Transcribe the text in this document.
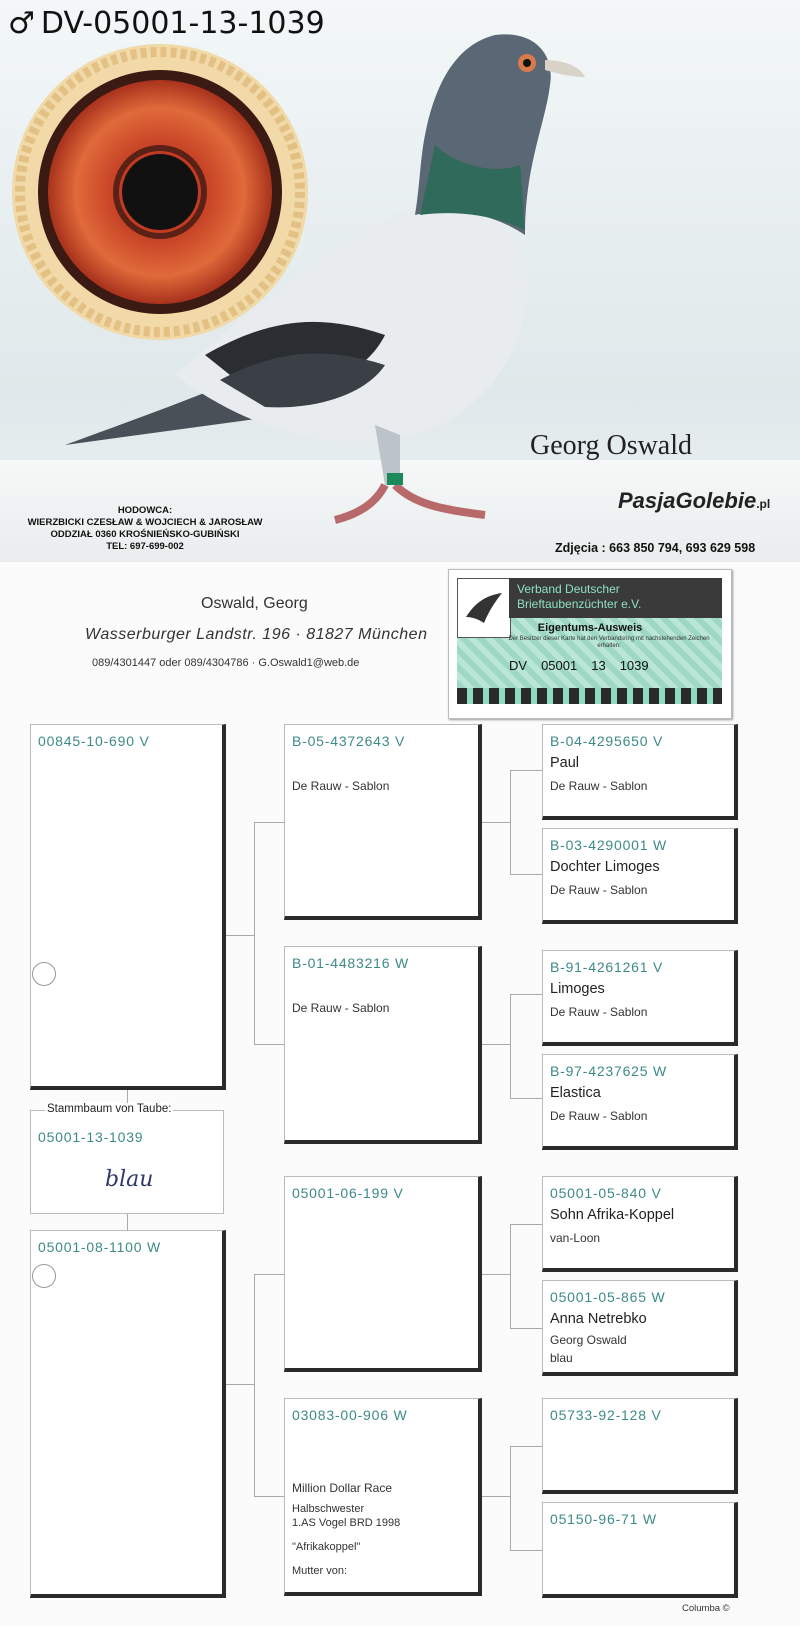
♂ DV-05001-13-1039
Georg Oswald
HODOWCA:
WIERZBICKI CZESŁAW & WOJCIECH & JAROSŁAW
ODDZIAŁ 0360 KROŚNIEŃSKO-GUBIŃSKI
TEL: 697-699-002
PasjaGolebie.pl
Zdjęcia : 663 850 794, 693 629 598
Oswald, Georg
Wasserburger Landstr. 196 · 81827 München
089/4301447 oder 089/4304786 · G.Oswald1@web.de
Verband Deutscher
Brieftaubenzüchter e.V.
Eigentums-Ausweis
Der Besitzer dieser Karte hat den Verbandsring mit nachstehenden Zeichen erhalten:
DV 05001 13 1039
00845-10-690 V
05001-08-1100 W
Stammbaum von Taube:
05001-13-1039
blau
B-05-4372643 V
De Rauw - Sablon
B-01-4483216 W
De Rauw - Sablon
05001-06-199 V
03083-00-906 W
Million Dollar Race
Halbschwester
1.AS Vogel BRD 1998
"Afrikakoppel"
Mutter von:
B-04-4295650 V
Paul
De Rauw - Sablon
B-03-4290001 W
Dochter Limoges
De Rauw - Sablon
B-91-4261261 V
Limoges
De Rauw - Sablon
B-97-4237625 W
Elastica
De Rauw - Sablon
05001-05-840 V
Sohn Afrika-Koppel
van-Loon
05001-05-865 W
Anna Netrebko
Georg Oswald
blau
05733-92-128 V
05150-96-71 W
Columba ©
